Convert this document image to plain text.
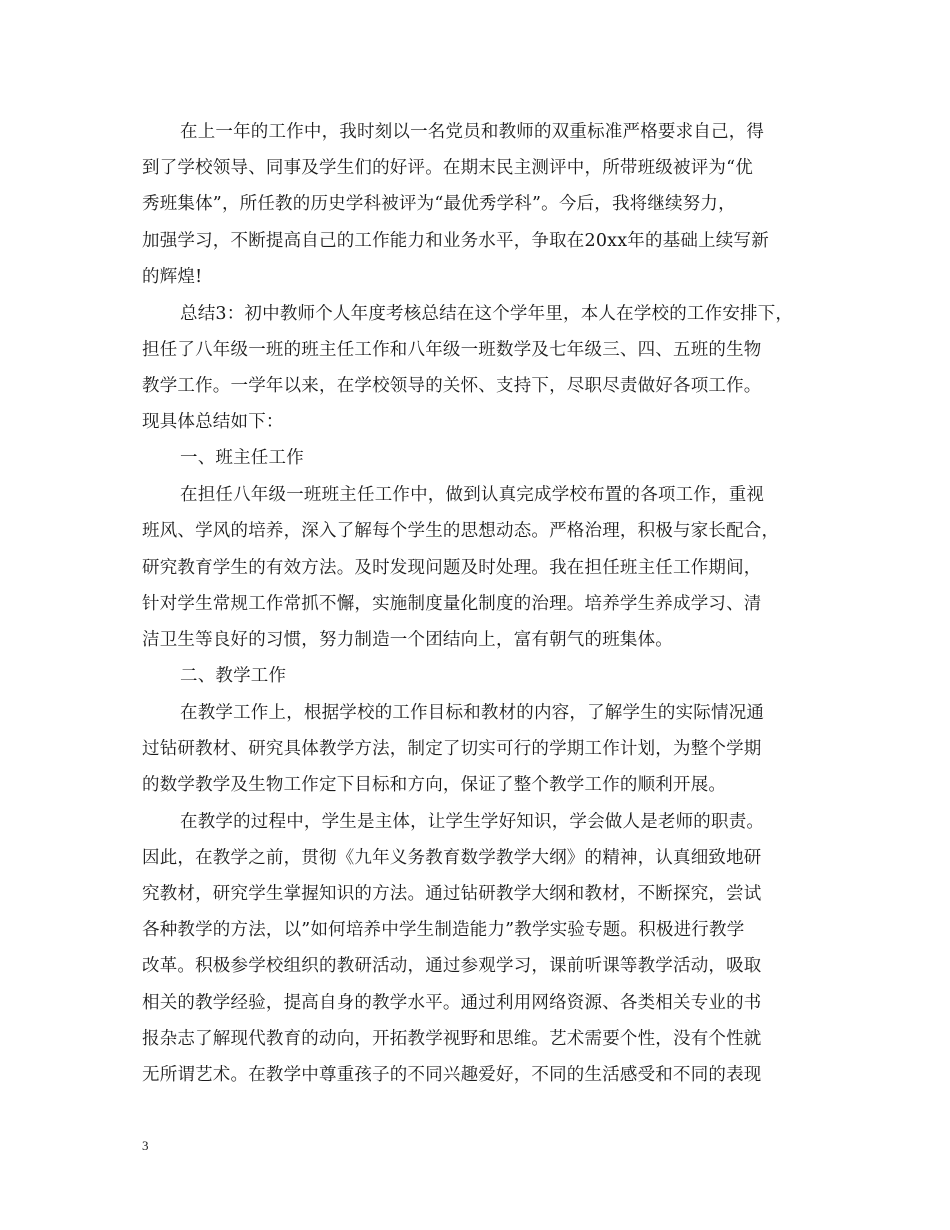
在上一年的工作中，我时刻以一名党员和教师的双重标准严格要求自己，得
到了学校领导、同事及学生们的好评。在期末民主测评中，所带班级被评为“优
秀班集体”，所任教的历史学科被评为“最优秀学科”。今后，我将继续努力，
加强学习，不断提高自己的工作能力和业务水平，争取在20xx年的基础上续写新
的辉煌!
总结3：初中教师个人年度考核总结在这个学年里，本人在学校的工作安排下，
担任了八年级一班的班主任工作和八年级一班数学及七年级三、四、五班的生物
教学工作。一学年以来，在学校领导的关怀、支持下，尽职尽责做好各项工作。
现具体总结如下：
一、班主任工作
在担任八年级一班班主任工作中，做到认真完成学校布置的各项工作，重视
班风、学风的培养，深入了解每个学生的思想动态。严格治理，积极与家长配合，
研究教育学生的有效方法。及时发现问题及时处理。我在担任班主任工作期间，
针对学生常规工作常抓不懈，实施制度量化制度的治理。培养学生养成学习、清
洁卫生等良好的习惯，努力制造一个团结向上，富有朝气的班集体。
二、教学工作
在教学工作上，根据学校的工作目标和教材的内容，了解学生的实际情况通
过钻研教材、研究具体教学方法，制定了切实可行的学期工作计划，为整个学期
的数学教学及生物工作定下目标和方向，保证了整个教学工作的顺利开展。
在教学的过程中，学生是主体，让学生学好知识，学会做人是老师的职责。
因此，在教学之前，贯彻《九年义务教育数学教学大纲》的精神，认真细致地研
究教材，研究学生掌握知识的方法。通过钻研教学大纲和教材，不断探究，尝试
各种教学的方法，以”如何培养中学生制造能力”教学实验专题。积极进行教学
改革。积极参学校组织的教研活动，通过参观学习，课前听课等教学活动，吸取
相关的教学经验，提高自身的教学水平。通过利用网络资源、各类相关专业的书
报杂志了解现代教育的动向，开拓教学视野和思维。艺术需要个性，没有个性就
无所谓艺术。在教学中尊重孩子的不同兴趣爱好，不同的生活感受和不同的表现
3
